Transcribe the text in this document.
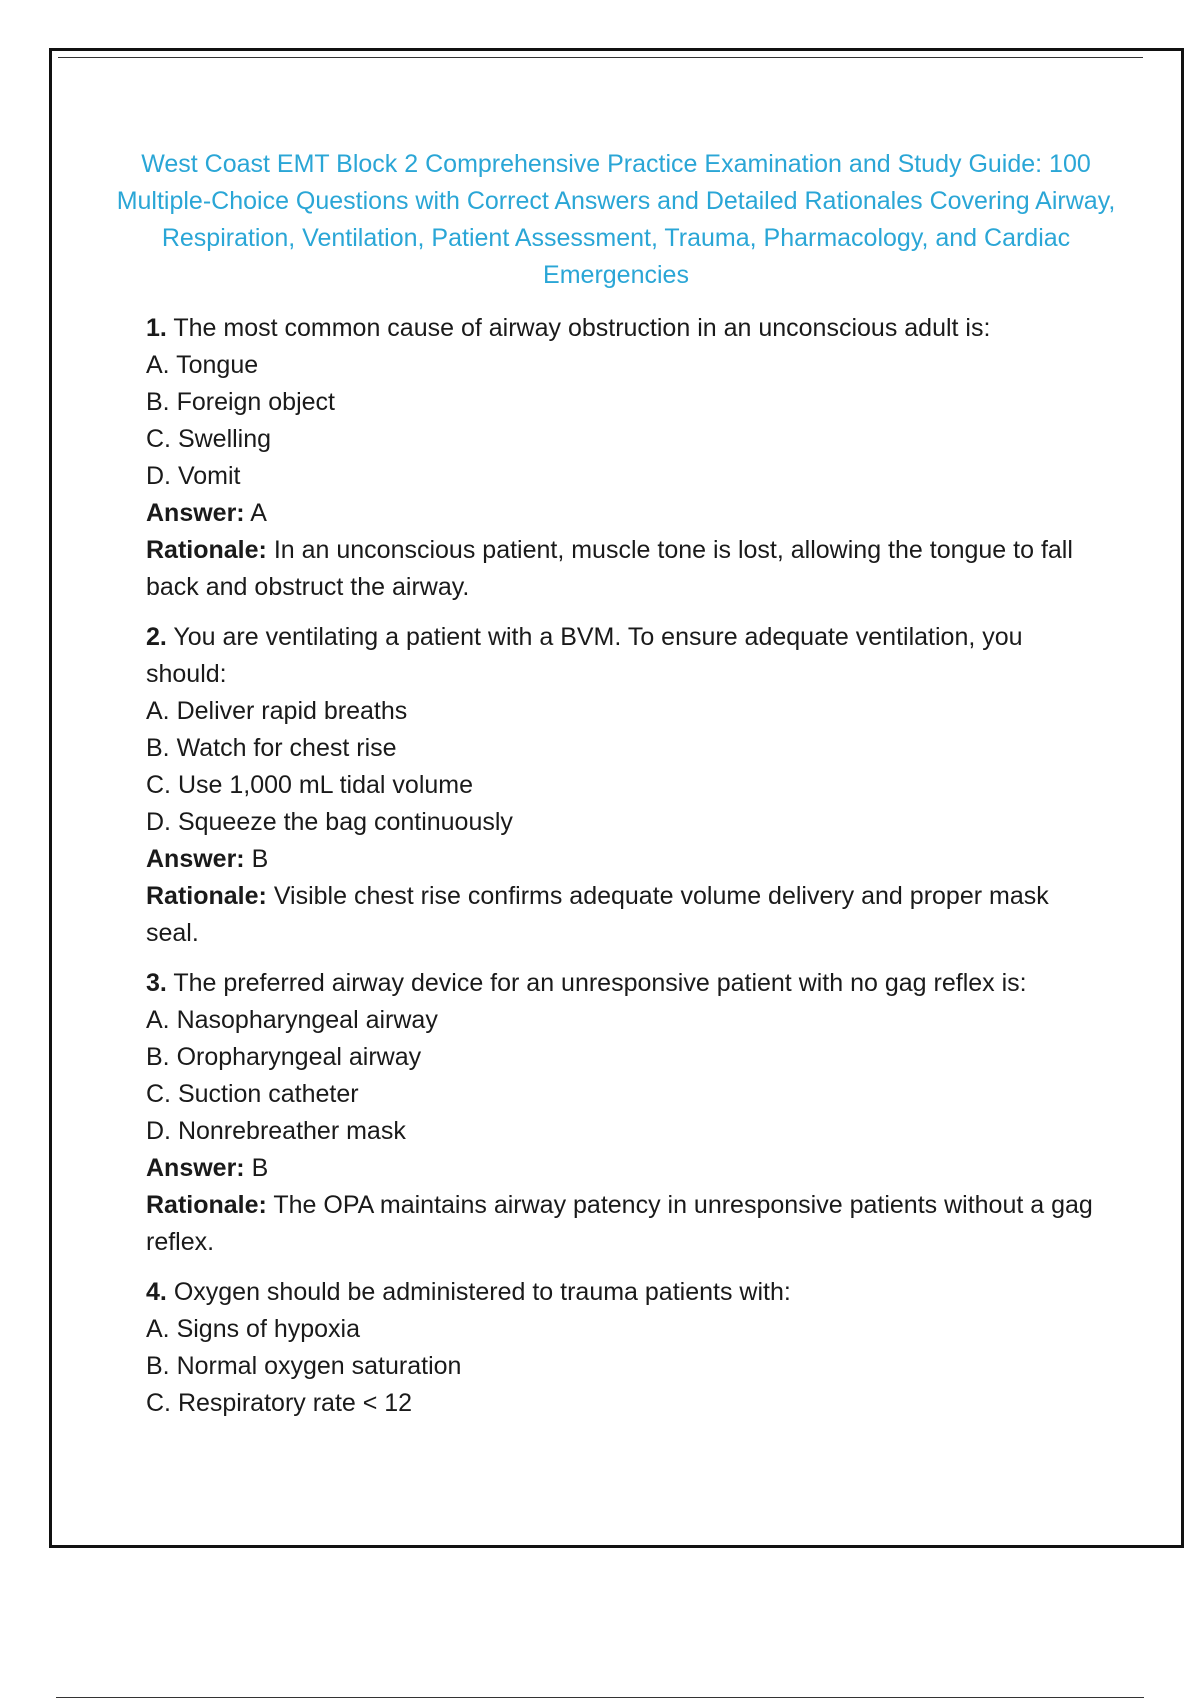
West Coast EMT Block 2 Comprehensive Practice Examination and Study Guide: 100 Multiple-Choice Questions with Correct Answers and Detailed Rationales Covering Airway, Respiration, Ventilation, Patient Assessment, Trauma, Pharmacology, and Cardiac Emergencies
1. The most common cause of airway obstruction in an unconscious adult is:
A. Tongue
B. Foreign object
C. Swelling
D. Vomit
Answer: A
Rationale: In an unconscious patient, muscle tone is lost, allowing the tongue to fall back and obstruct the airway.
2. You are ventilating a patient with a BVM. To ensure adequate ventilation, you should:
A. Deliver rapid breaths
B. Watch for chest rise
C. Use 1,000 mL tidal volume
D. Squeeze the bag continuously
Answer: B
Rationale: Visible chest rise confirms adequate volume delivery and proper mask seal.
3. The preferred airway device for an unresponsive patient with no gag reflex is:
A. Nasopharyngeal airway
B. Oropharyngeal airway
C. Suction catheter
D. Nonrebreather mask
Answer: B
Rationale: The OPA maintains airway patency in unresponsive patients without a gag reflex.
4. Oxygen should be administered to trauma patients with:
A. Signs of hypoxia
B. Normal oxygen saturation
C. Respiratory rate < 12
